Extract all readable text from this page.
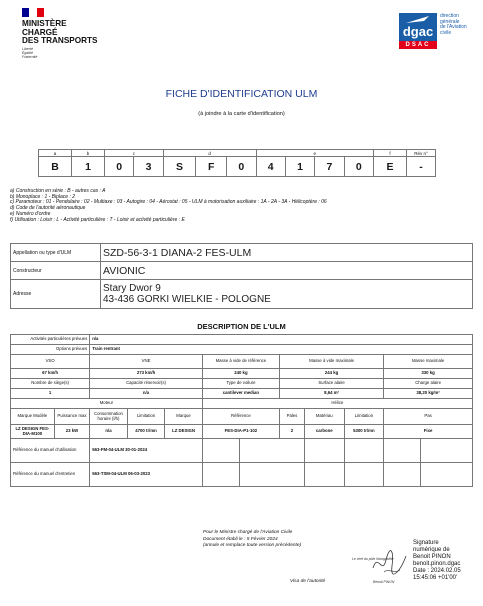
MINISTÈRE
CHARGÉ
DES TRANSPORTS
Liberté
Égalité
Fraternité
dgac
DSAC
direction
générale
de l'Aviation
civile
FICHE D'IDENTIFICATION ULM
(à joindre à la carte d'identification)
a	b	c		d			e				f	Rév n°
B	1	0	3	S	F	0	4	1	7	0	E	-
a) Construction en série : B - autres cas : A
b) Monoplace : 1 - Biplace : 2
c) Paramoteur : 01 - Pendulaire : 02 - Multiaxe : 03 - Autogire : 04 - Aérostat : 05 - ULM à motorisation auxiliaire : 1A - 2A - 3A - Hélicoptère : 06
d) Code de l'autorité aéronautique
e) Numéro d'ordre
f) Utilisation : Loisir : L - Activité particulière : T - Loisir et activité particulière : E
Appellation ou type d'ULM	SZD-56-3-1 DIANA-2 FES-ULM
Constructeur	AVIONIC
Adresse	Stary Dwor 9
43-436 GORKI WIELKIE - POLOGNE
DESCRIPTION DE L'ULM
Activités particulières prévues		n/a									
Options prévues		Train rentrant									
VSO		VNE			Masse à vide de référence		Masse à vide maximale			Masse maximale	
67 km/h		273 km/h			240 kg		244 kg			330 kg	
Nombre de siège(s)		Capacité réservoir(s)			Type de voilure		Surface alaire			Charge alaire	
1		n/a			cantilever median		8,64 m²			38,20 kg/m²	
Moteur					Hélice						
Marque Modèle	Puissance max	Consommation horaire (l/h)	Limitation	Marque	Référence		Pales	Matériau	Limitation	Pas	
LZ DESIGN FES-DIA-M100	23 kW	n/a	4700 tr/mn	LZ DESIGN	FES-DIA-P1-102		2	carbone	5300 tr/mn	Fixe	
Référence du manuel d'utilisation		563-FM-04-ULM 30-01-2024									
Référence du manuel d'entretien		563-TSM-04-ULM 06-03-2023									
Pour le Ministre chargé de l'Aviation Civile
Document établi le : 5 Février 2024
(annule et remplace toute version précédente)
Visa de l'autorité
Le chef du pôle Navigabilité
Benoit PINON
Signature
numérique de
Benoit PINON
benoit.pinon.dgac
Date : 2024.02.05
15:45:06 +01'00'
